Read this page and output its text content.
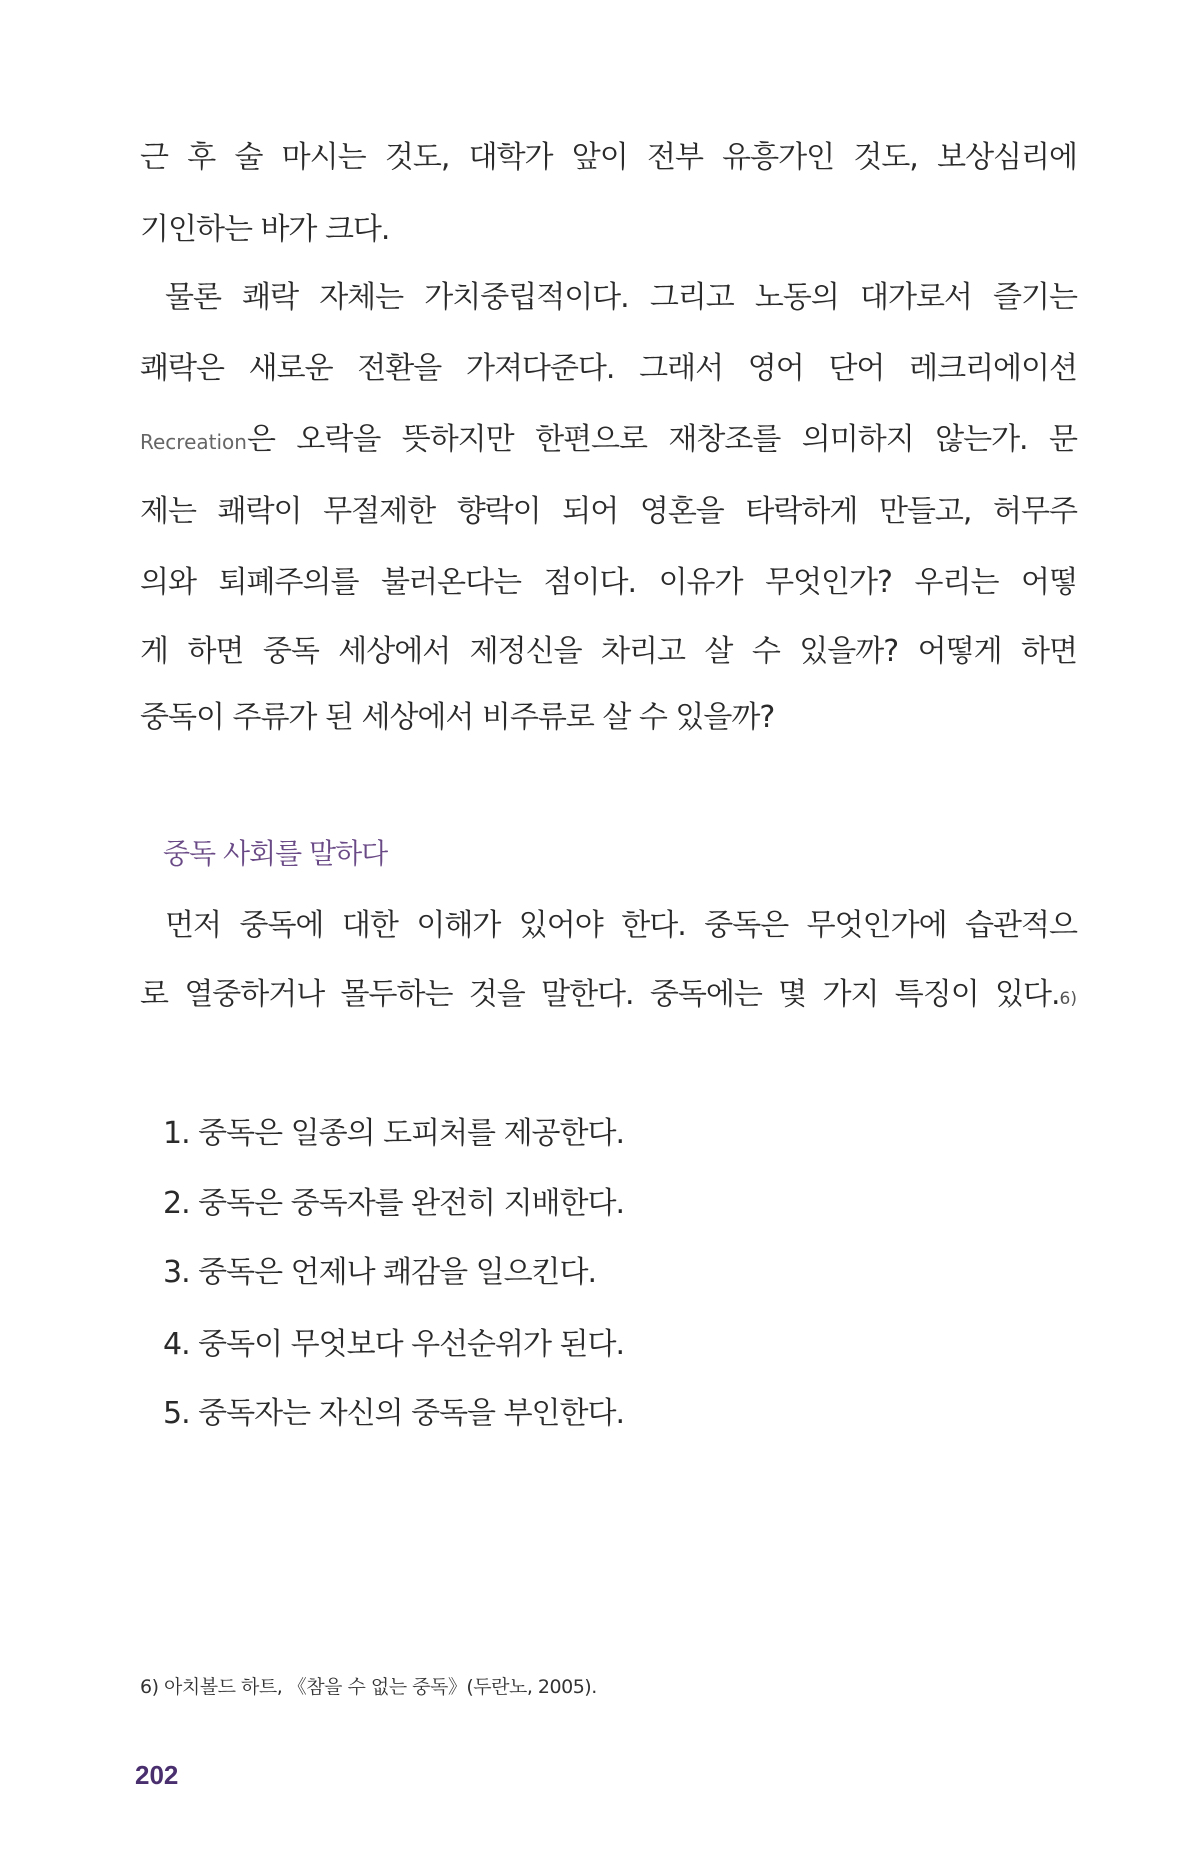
근 후 술 마시는 것도, 대학가 앞이 전부 유흥가인 것도, 보상심리에
기인하는 바가 크다.
물론 쾌락 자체는 가치중립적이다. 그리고 노동의 대가로서 즐기는
쾌락은 새로운 전환을 가져다준다. 그래서 영어 단어 레크리에이션
Recreation은 오락을 뜻하지만 한편으로 재창조를 의미하지 않는가. 문
제는 쾌락이 무절제한 향락이 되어 영혼을 타락하게 만들고, 허무주
의와 퇴폐주의를 불러온다는 점이다. 이유가 무엇인가? 우리는 어떻
게 하면 중독 세상에서 제정신을 차리고 살 수 있을까? 어떻게 하면
중독이 주류가 된 세상에서 비주류로 살 수 있을까?
중독 사회를 말하다
먼저 중독에 대한 이해가 있어야 한다. 중독은 무엇인가에 습관적으
로 열중하거나 몰두하는 것을 말한다. 중독에는 몇 가지 특징이 있다.6)
1. 중독은 일종의 도피처를 제공한다.
2. 중독은 중독자를 완전히 지배한다.
3. 중독은 언제나 쾌감을 일으킨다.
4. 중독이 무엇보다 우선순위가 된다.
5. 중독자는 자신의 중독을 부인한다.
6) 아치볼드 하트, 《참을 수 없는 중독》(두란노, 2005).
202
